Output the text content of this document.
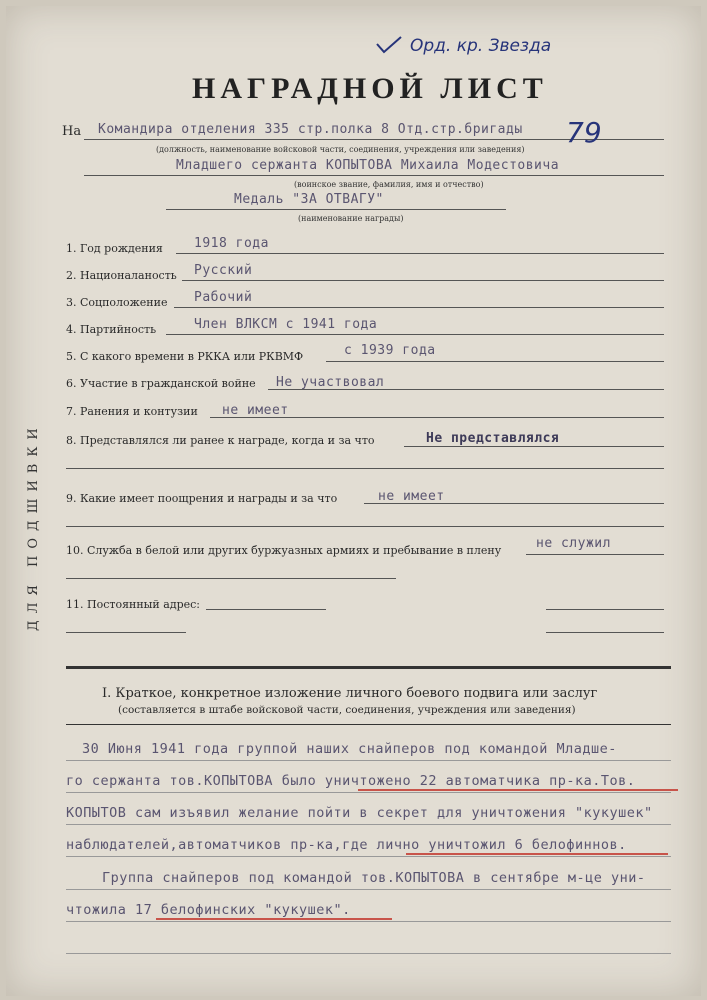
Орд. кр. Звезда
НАГРАДНОЙ ЛИСТ
На Командира отделения 335 стр.полка 8 Отд.стр.бригады
(должность, наименование войсковой части, соединения, учреждения или заведения)
79
Младшего сержанта КОПЫТОВА Михаила Модестовича
(воинское звание, фамилия, имя и отчество)
Медаль "ЗА ОТВАГУ"
(наименование награды)
ДЛЯ ПОДШИВКИ
1. Год рождения 1918 года
2. Националаность Русский
3. Соцположение Рабочий
4. Партийность	Член ВЛКСМ с 1941 года
5. С какого времени в РККА или РКВМФ	с 1939 года
6. Участие в гражданской войне Не участвовал
7. Ранения и контузии не имеет
8. Представлялся ли ранее к награде, когда и за что	Не представлялся
9. Какие имеет поощрения и награды и за что	не имеет
10. Служба в белой или других буржуазных армиях и пребывание в плену	не служил
11. Постоянный адрес:
I. Краткое, конкретное изложение личного боевого подвига или заслуг
(составляется в штабе войсковой части, соединения, учреждения или заведения)
30 Июня 1941 года группой наших снайперов под командой Младше-
го сержанта тов.КОПЫТОВА было уничтожено 22 автоматчика пр-ка.Тов.
КОПЫТОВ сам изъявил желание пойти в секрет для уничтожения "кукушек"
наблюдателей,автоматчиков пр-ка,где лично уничтожил 6 белофиннов.
Группа снайперов под командой тов.КОПЫТОВА в сентябре м-це уни-
чтожила 17 белофинских "кукушек".
